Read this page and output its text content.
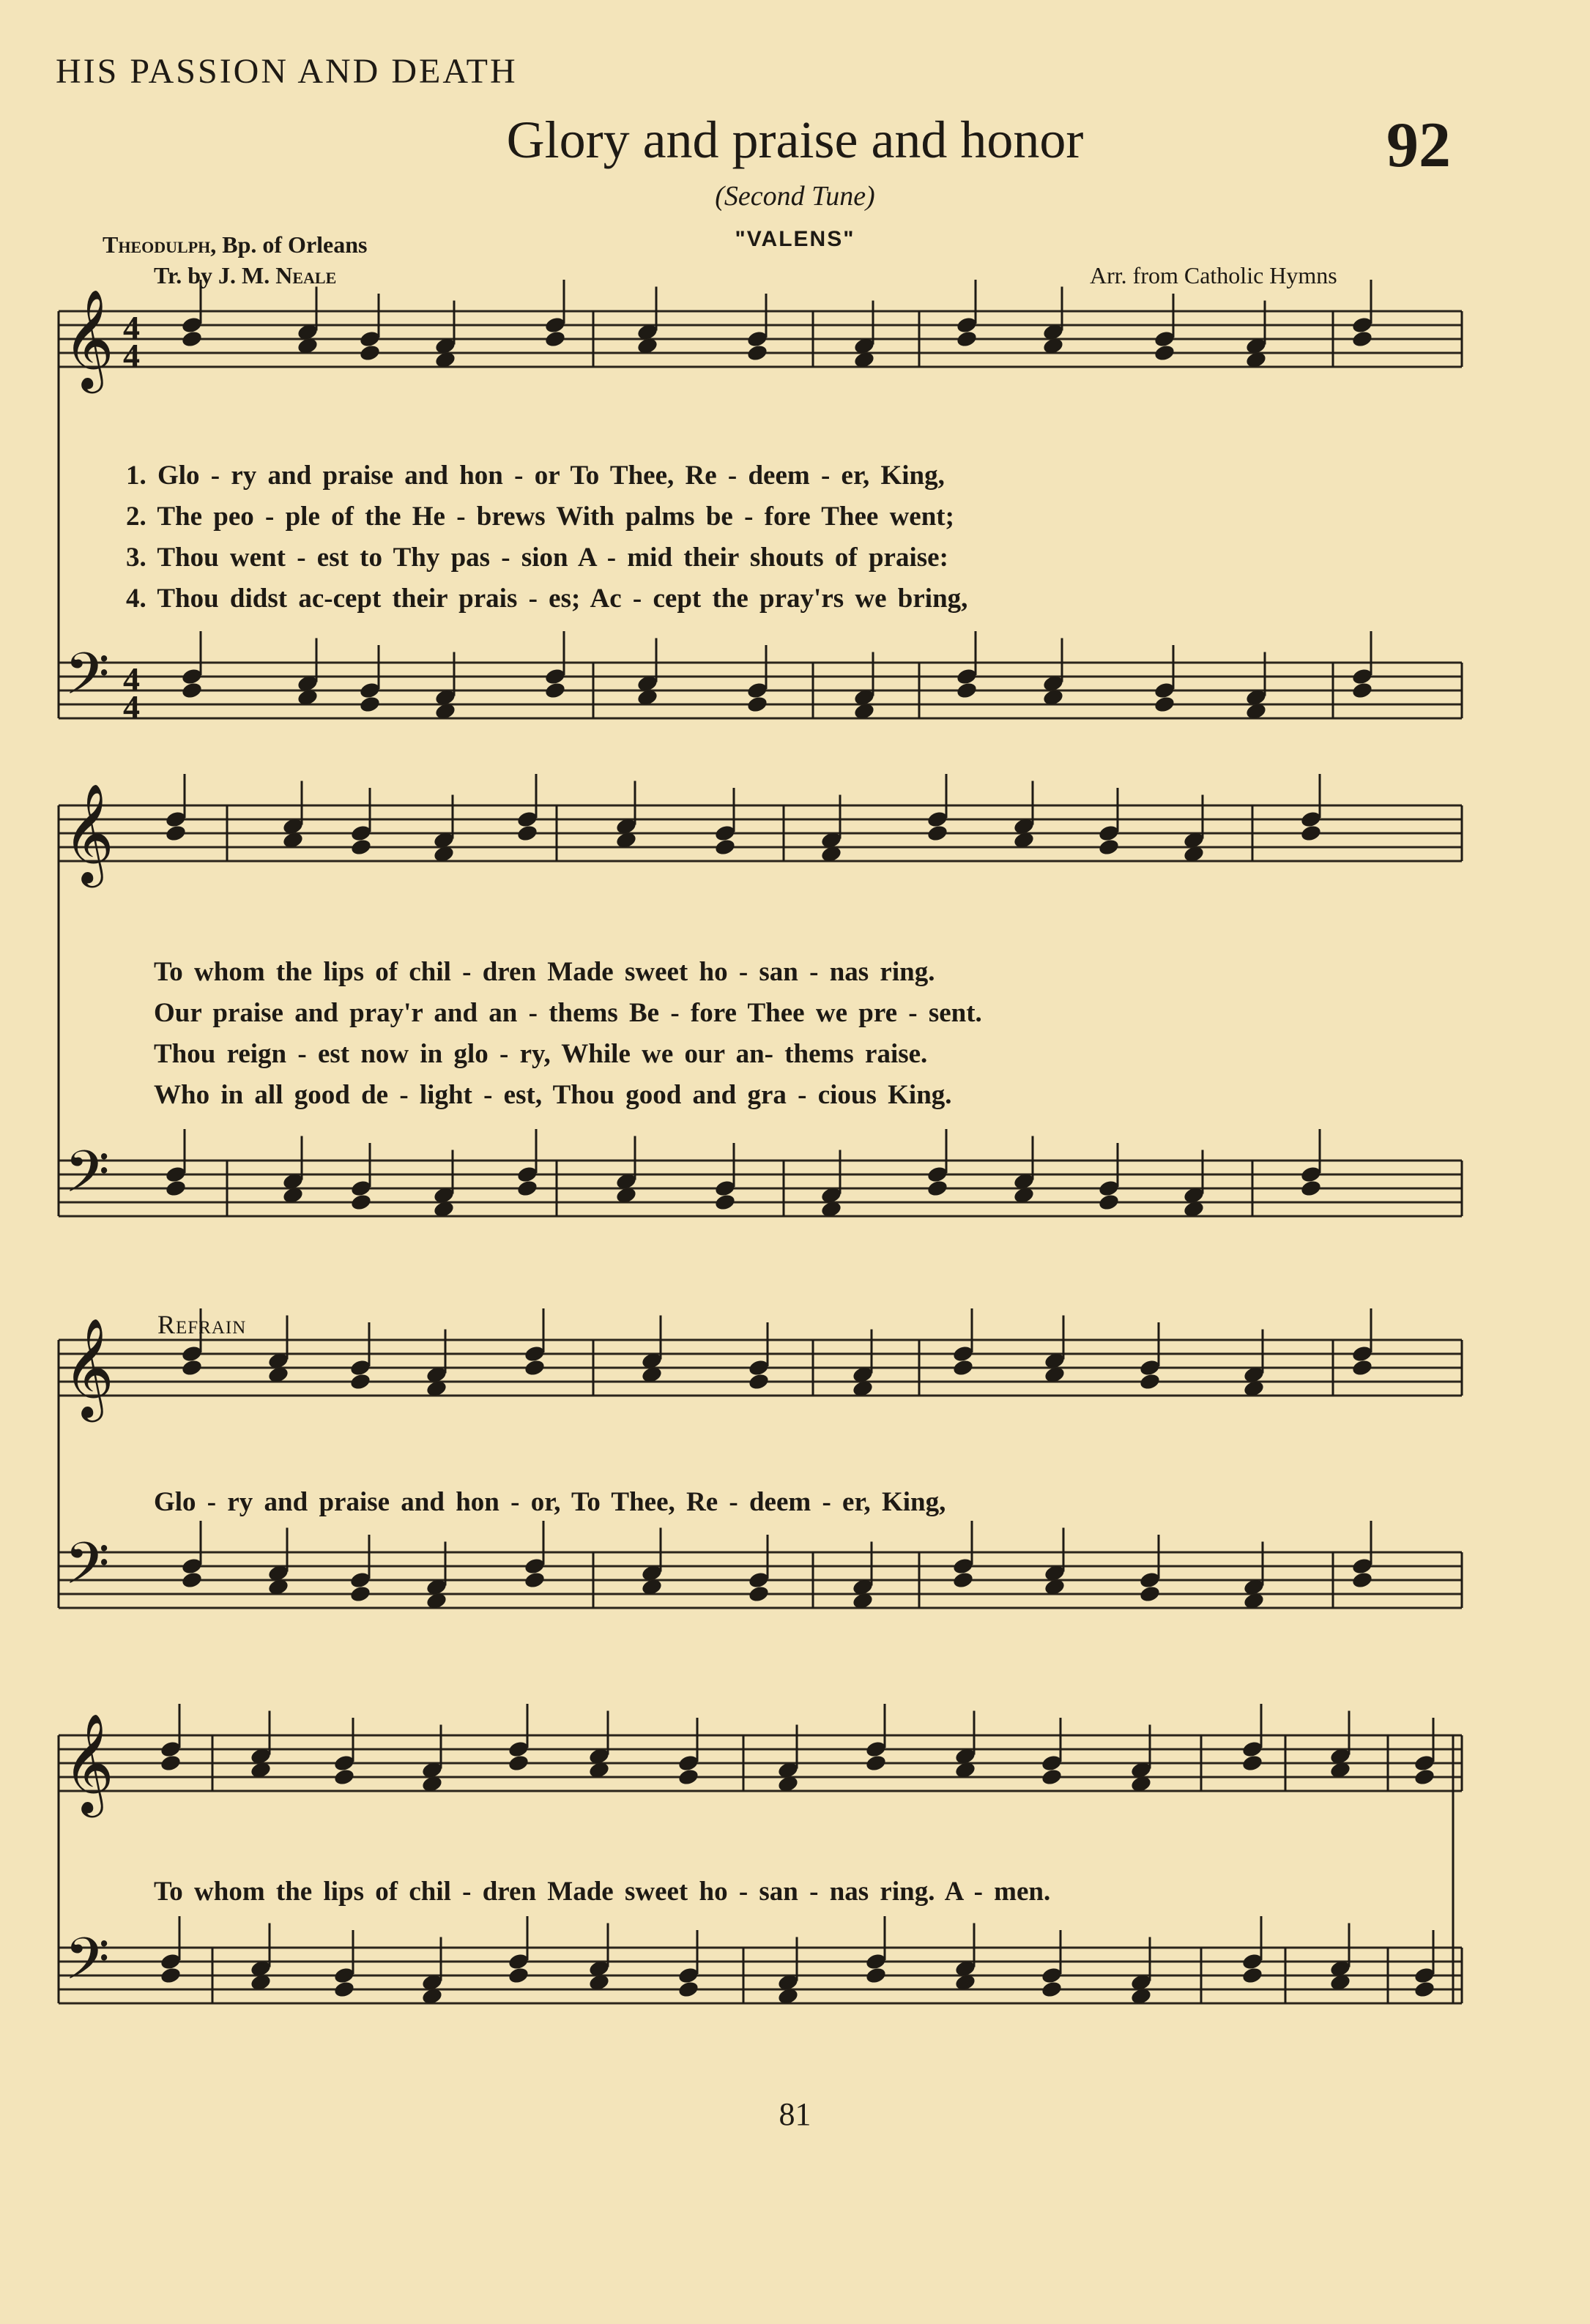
HIS PASSION AND DEATH
Glory and praise and honor	92
(Second Tune)
"VALENS"
Theodulph, Bp. of Orleans
Tr. by J. M. Neale	Arr. from Catholic Hymns
𝄞
𝄢
4
4
4
4
𝄞
𝄢
𝄞
𝄢
𝄞
𝄢
1. Glo - ry and praise and hon - or To Thee, Re - deem - er, King,
2. The peo - ple of the He - brews With palms be - fore Thee went;
3. Thou went - est to Thy pas - sion A - mid their shouts of praise:
4. Thou didst ac-cept their prais - es; Ac - cept the pray'rs we bring,
To whom the lips of chil - dren Made sweet ho - san - nas ring.
Our praise and pray'r and an - thems Be - fore Thee we pre - sent.
Thou reign - est now in glo - ry, While we our an- thems raise.
Who in all good de - light - est, Thou good and gra - cious King.
Refrain
Glo - ry and praise and hon - or, To Thee, Re - deem - er, King,
To whom the lips of chil - dren Made sweet ho - san - nas ring. A - men.
81
